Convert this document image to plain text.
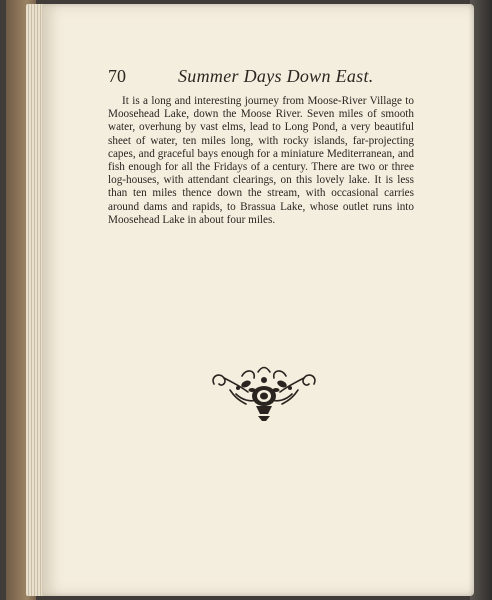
70	Summer Days Down East.

It is a long and interesting journey from Moose-River Village to Moosehead Lake, down the Moose River. Seven miles of smooth water, overhung by vast elms, lead to Long Pond, a very beautiful sheet of water, ten miles long, with rocky islands, far-projecting capes, and graceful bays enough for a miniature Mediterranean, and fish enough for all the Fridays of a century. There are two or three log-houses, with attendant clearings, on this lovely lake. It is less than ten miles thence down the stream, with occasional carries around dams and rapids, to Brassua Lake, whose outlet runs into Moosehead Lake in about four miles.
